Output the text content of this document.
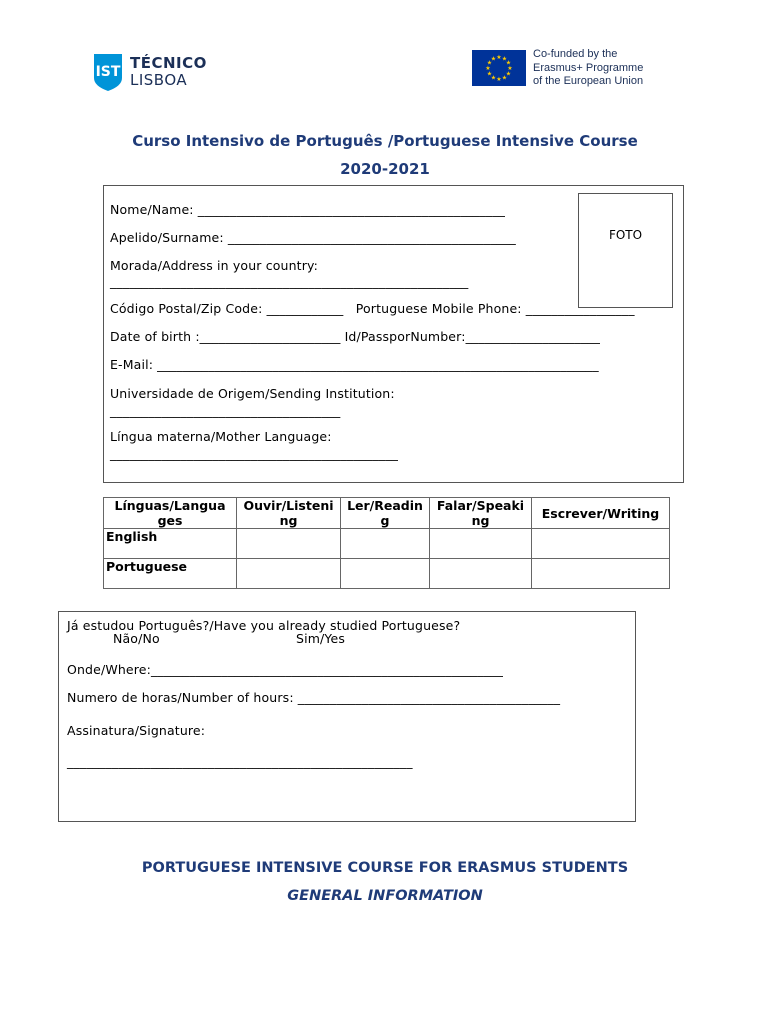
IST TÉCNICO
LISBOA
★ ★
★
★
★
★
★
★
★
★
★
★	Co-funded by the
Erasmus+ Programme
of the European Union
Curso Intensivo de Português /Portuguese Intensive Course
2020-2021
FOTO
Nome/Name: ________________________________________________
Apelido/Surname: _____________________________________________
Morada/Address in your country:
________________________________________________________
Código Postal/Zip Code: ____________   Portuguese Mobile Phone: _________________
Date of birth :______________________ Id/PassporNumber:_____________________
E-Mail: _____________________________________________________________________
Universidade de Origem/Sending Institution:
____________________________________
Língua materna/Mother Language:
_____________________________________________
Línguas/Langua ges	Ouvir/Listeni ng	Ler/Readin g	Falar/Speaki ng	Escrever/Writing
English				
Portuguese				
Já estudou Português?/Have you already studied Portuguese?
Não/No	Sim/Yes
Onde/Where:_______________________________________________________
Numero de horas/Number of hours: _________________________________________
Assinatura/Signature:
______________________________________________________
PORTUGUESE INTENSIVE COURSE FOR ERASMUS STUDENTS
GENERAL INFORMATION
